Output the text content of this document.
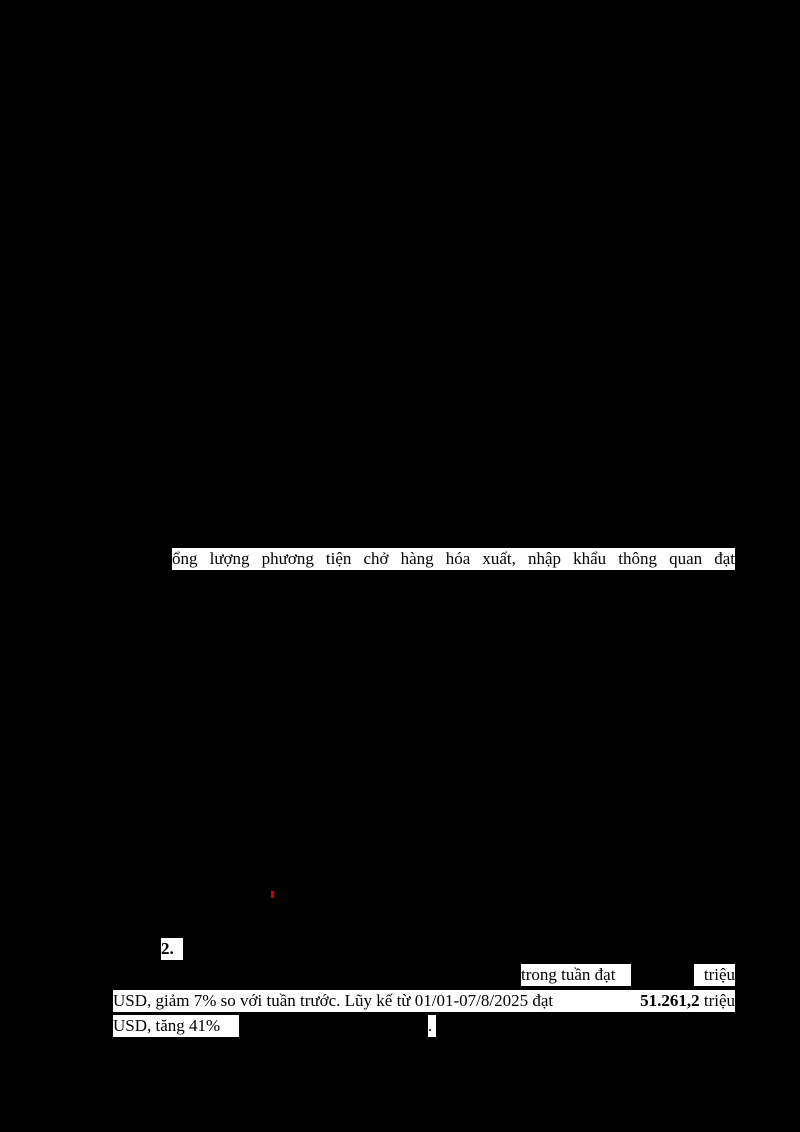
ổng lượng phương tiện chở hàng hóa xuất, nhập khẩu thông quan đạt
2.
trong tuần đạt	triệu
USD, giảm 7% so với tuần trước. Lũy kế từ 01/01-07/8/2025 đạt	51.261,2 triệu
USD, tăng 41%	.
